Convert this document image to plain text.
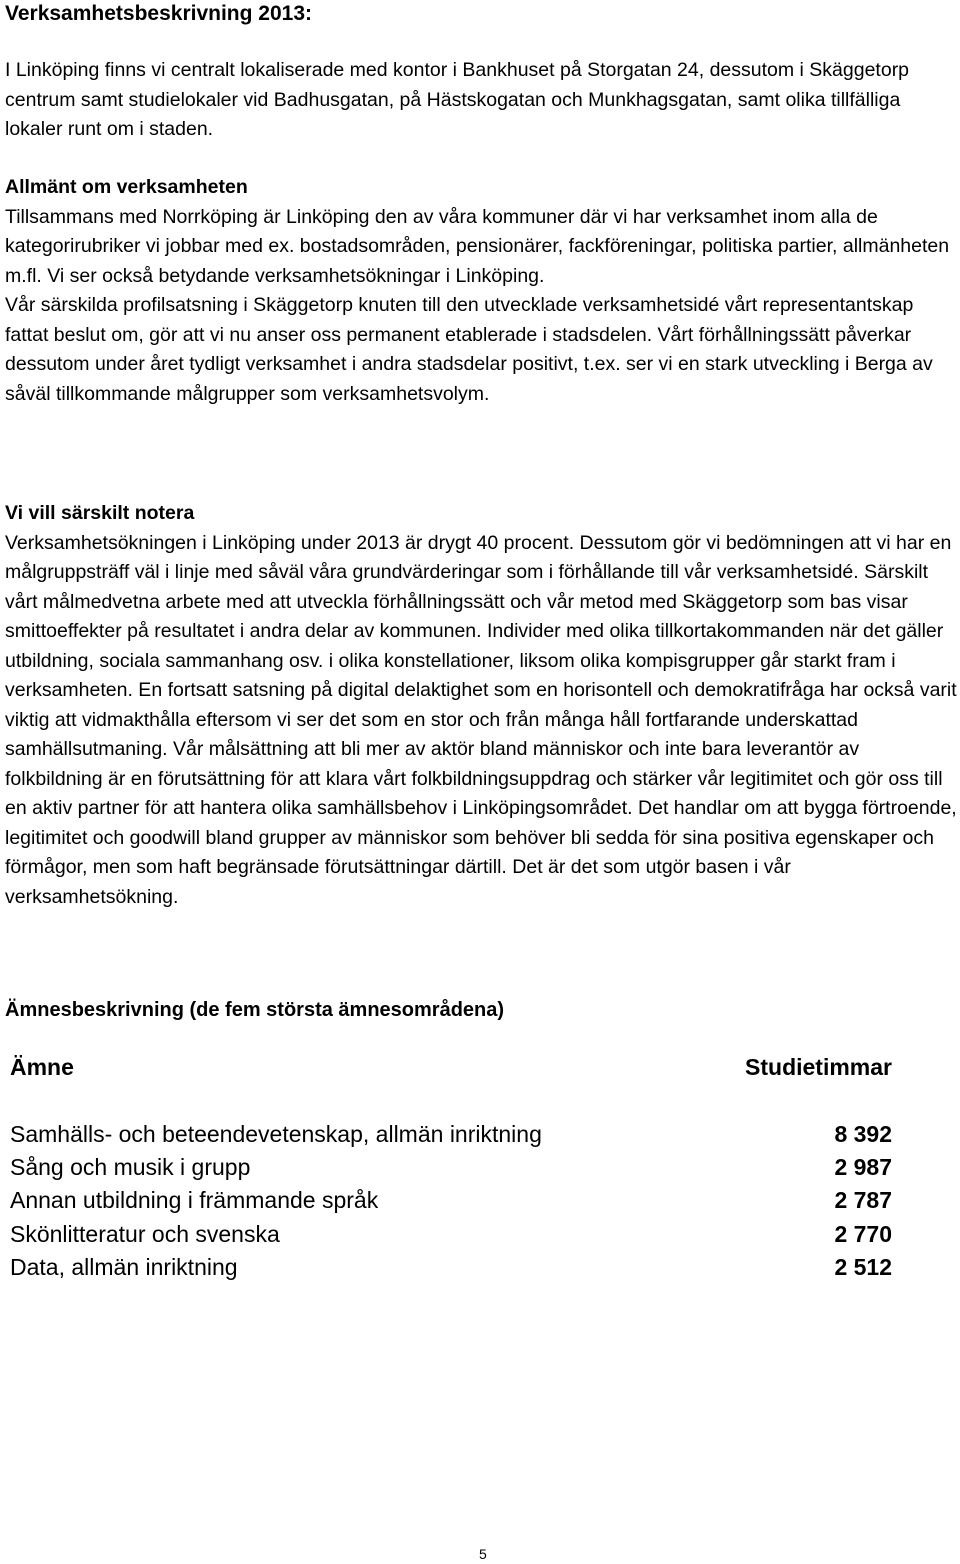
Verksamhetsbeskrivning 2013:

I Linköping finns vi centralt lokaliserade med kontor i Bankhuset på Storgatan 24, dessutom i Skäggetorp centrum samt studielokaler vid Badhusgatan, på Hästskogatan och Munkhagsgatan, samt olika tillfälliga lokaler runt om i staden.

Allmänt om verksamheten

Tillsammans med Norrköping är Linköping den av våra kommuner där vi har verksamhet inom alla de kategorirubriker vi jobbar med ex. bostadsområden, pensionärer, fackföreningar, politiska partier, allmänheten m.fl. Vi ser också betydande verksamhetsökningar i Linköping.

Vår särskilda profilsatsning i Skäggetorp knuten till den utvecklade verksamhetsidé vårt representantskap fattat beslut om, gör att vi nu anser oss permanent etablerade i stadsdelen. Vårt förhållningssätt påverkar dessutom under året tydligt verksamhet i andra stadsdelar positivt, t.ex. ser vi en stark utveckling i Berga av såväl tillkommande målgrupper som verksamhetsvolym.

Vi vill särskilt notera

Verksamhetsökningen i Linköping under 2013 är drygt 40 procent. Dessutom gör vi bedömningen att vi har en målgruppsträff väl i linje med såväl våra grundvärderingar som i förhållande till vår verksamhetsidé. Särskilt vårt målmedvetna arbete med att utveckla förhållningssätt och vår metod med Skäggetorp som bas visar smittoeffekter på resultatet i andra delar av kommunen. Individer med olika tillkortakommanden när det gäller utbildning, sociala sammanhang osv. i olika konstellationer, liksom olika kompisgrupper går starkt fram i verksamheten. En fortsatt satsning på digital delaktighet som en horisontell och demokratifråga har också varit viktig att vidmakthålla eftersom vi ser det som en stor och från många håll fortfarande underskattad samhällsutmaning. Vår målsättning att bli mer av aktör bland människor och inte bara leverantör av folkbildning är en förutsättning för att klara vårt folkbildningsuppdrag och stärker vår legitimitet och gör oss till en aktiv partner för att hantera olika samhällsbehov i Linköpingsområdet. Det handlar om att bygga förtroende, legitimitet och goodwill bland grupper av människor som behöver bli sedda för sina positiva egenskaper och förmågor, men som haft begränsade förutsättningar därtill. Det är det som utgör basen i vår verksamhetsökning.

Ämnesbeskrivning (de fem största ämnesområdena)
Ämne	Studietimmar

Samhälls- och beteendevetenskap, allmän inriktning	8 392
Sång och musik i grupp	2 987
Annan utbildning i främmande språk	2 787
Skönlitteratur och svenska	2 770
Data, allmän inriktning	2 512
5
